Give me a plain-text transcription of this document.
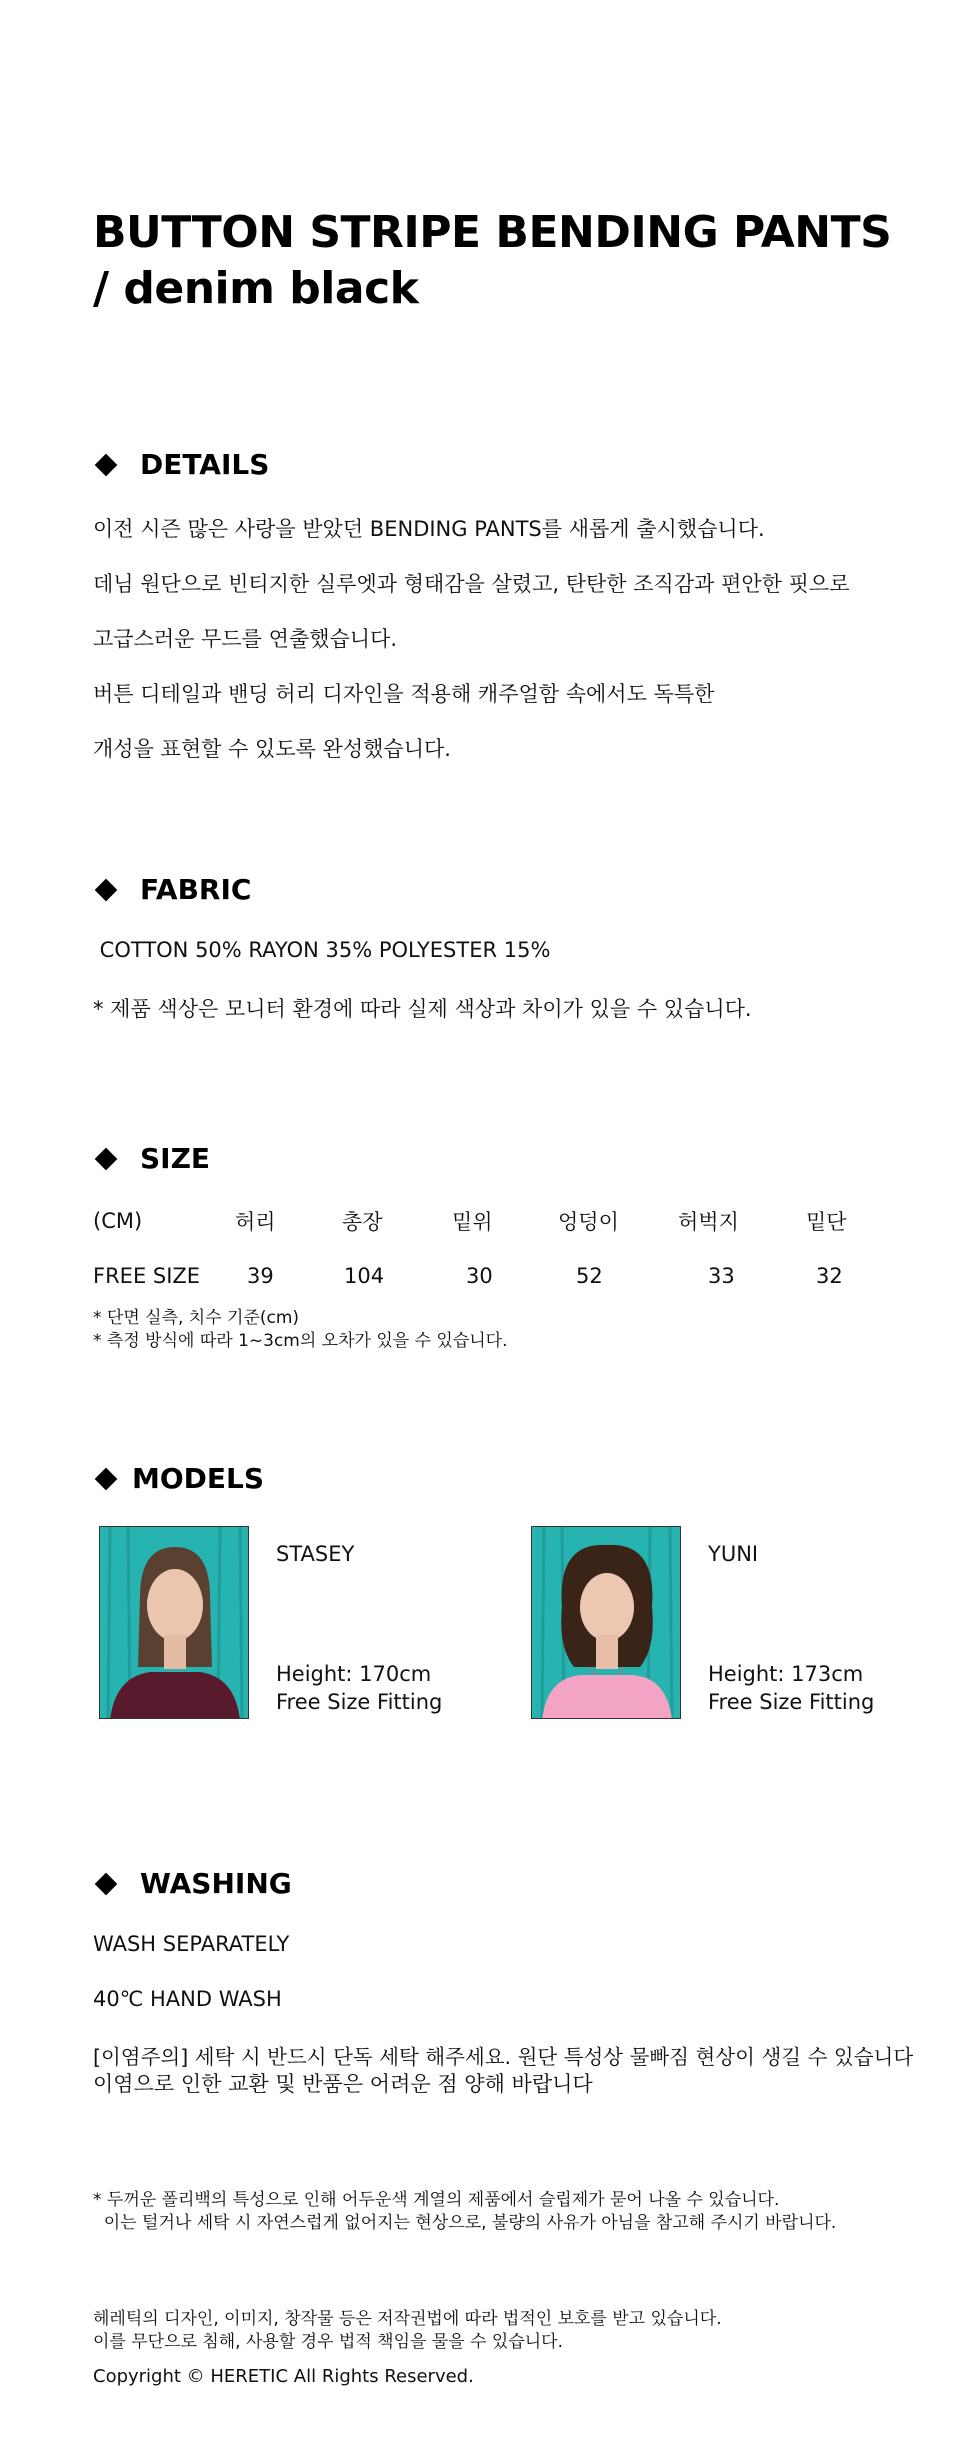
BUTTON STRIPE BENDING PANTS
/ denim black
DETAILS
이전 시즌 많은 사랑을 받았던 BENDING PANTS를 새롭게 출시했습니다.
데님 원단으로 빈티지한 실루엣과 형태감을 살렸고, 탄탄한 조직감과 편안한 핏으로
고급스러운 무드를 연출했습니다.
버튼 디테일과 밴딩 허리 디자인을 적용해 캐주얼함 속에서도 독특한
개성을 표현할 수 있도록 완성했습니다.
FABRIC
COTTON 50% RAYON 35% POLYESTER 15%
* 제품 색상은 모니터 환경에 따라 실제 색상과 차이가 있을 수 있습니다.
SIZE
(CM)	허리	총장	밑위	엉덩이	허벅지	밑단
FREE SIZE	39	104	30	52	33	32
* 단면 실측, 치수 기준(cm)
* 측정 방식에 따라 1~3cm의 오차가 있을 수 있습니다.
MODELS
STASEY
Height: 170cm
Free Size Fitting
YUNI
Height: 173cm
Free Size Fitting
WASHING
WASH SEPARATELY
40℃ HAND WASH
[이염주의] 세탁 시 반드시 단독 세탁 해주세요. 원단 특성상 물빠짐 현상이 생길 수 있습니다
이염으로 인한 교환 및 반품은 어려운 점 양해 바랍니다
* 두꺼운 폴리백의 특성으로 인해 어두운색 계열의 제품에서 슬립제가 묻어 나올 수 있습니다.
이는 털거나 세탁 시 자연스럽게 없어지는 현상으로, 불량의 사유가 아님을 참고해 주시기 바랍니다.
헤레틱의 디자인, 이미지, 창작물 등은 저작권법에 따라 법적인 보호를 받고 있습니다.
이를 무단으로 침해, 사용할 경우 법적 책임을 물을 수 있습니다.
Copyright © HERETIC All Rights Reserved.
